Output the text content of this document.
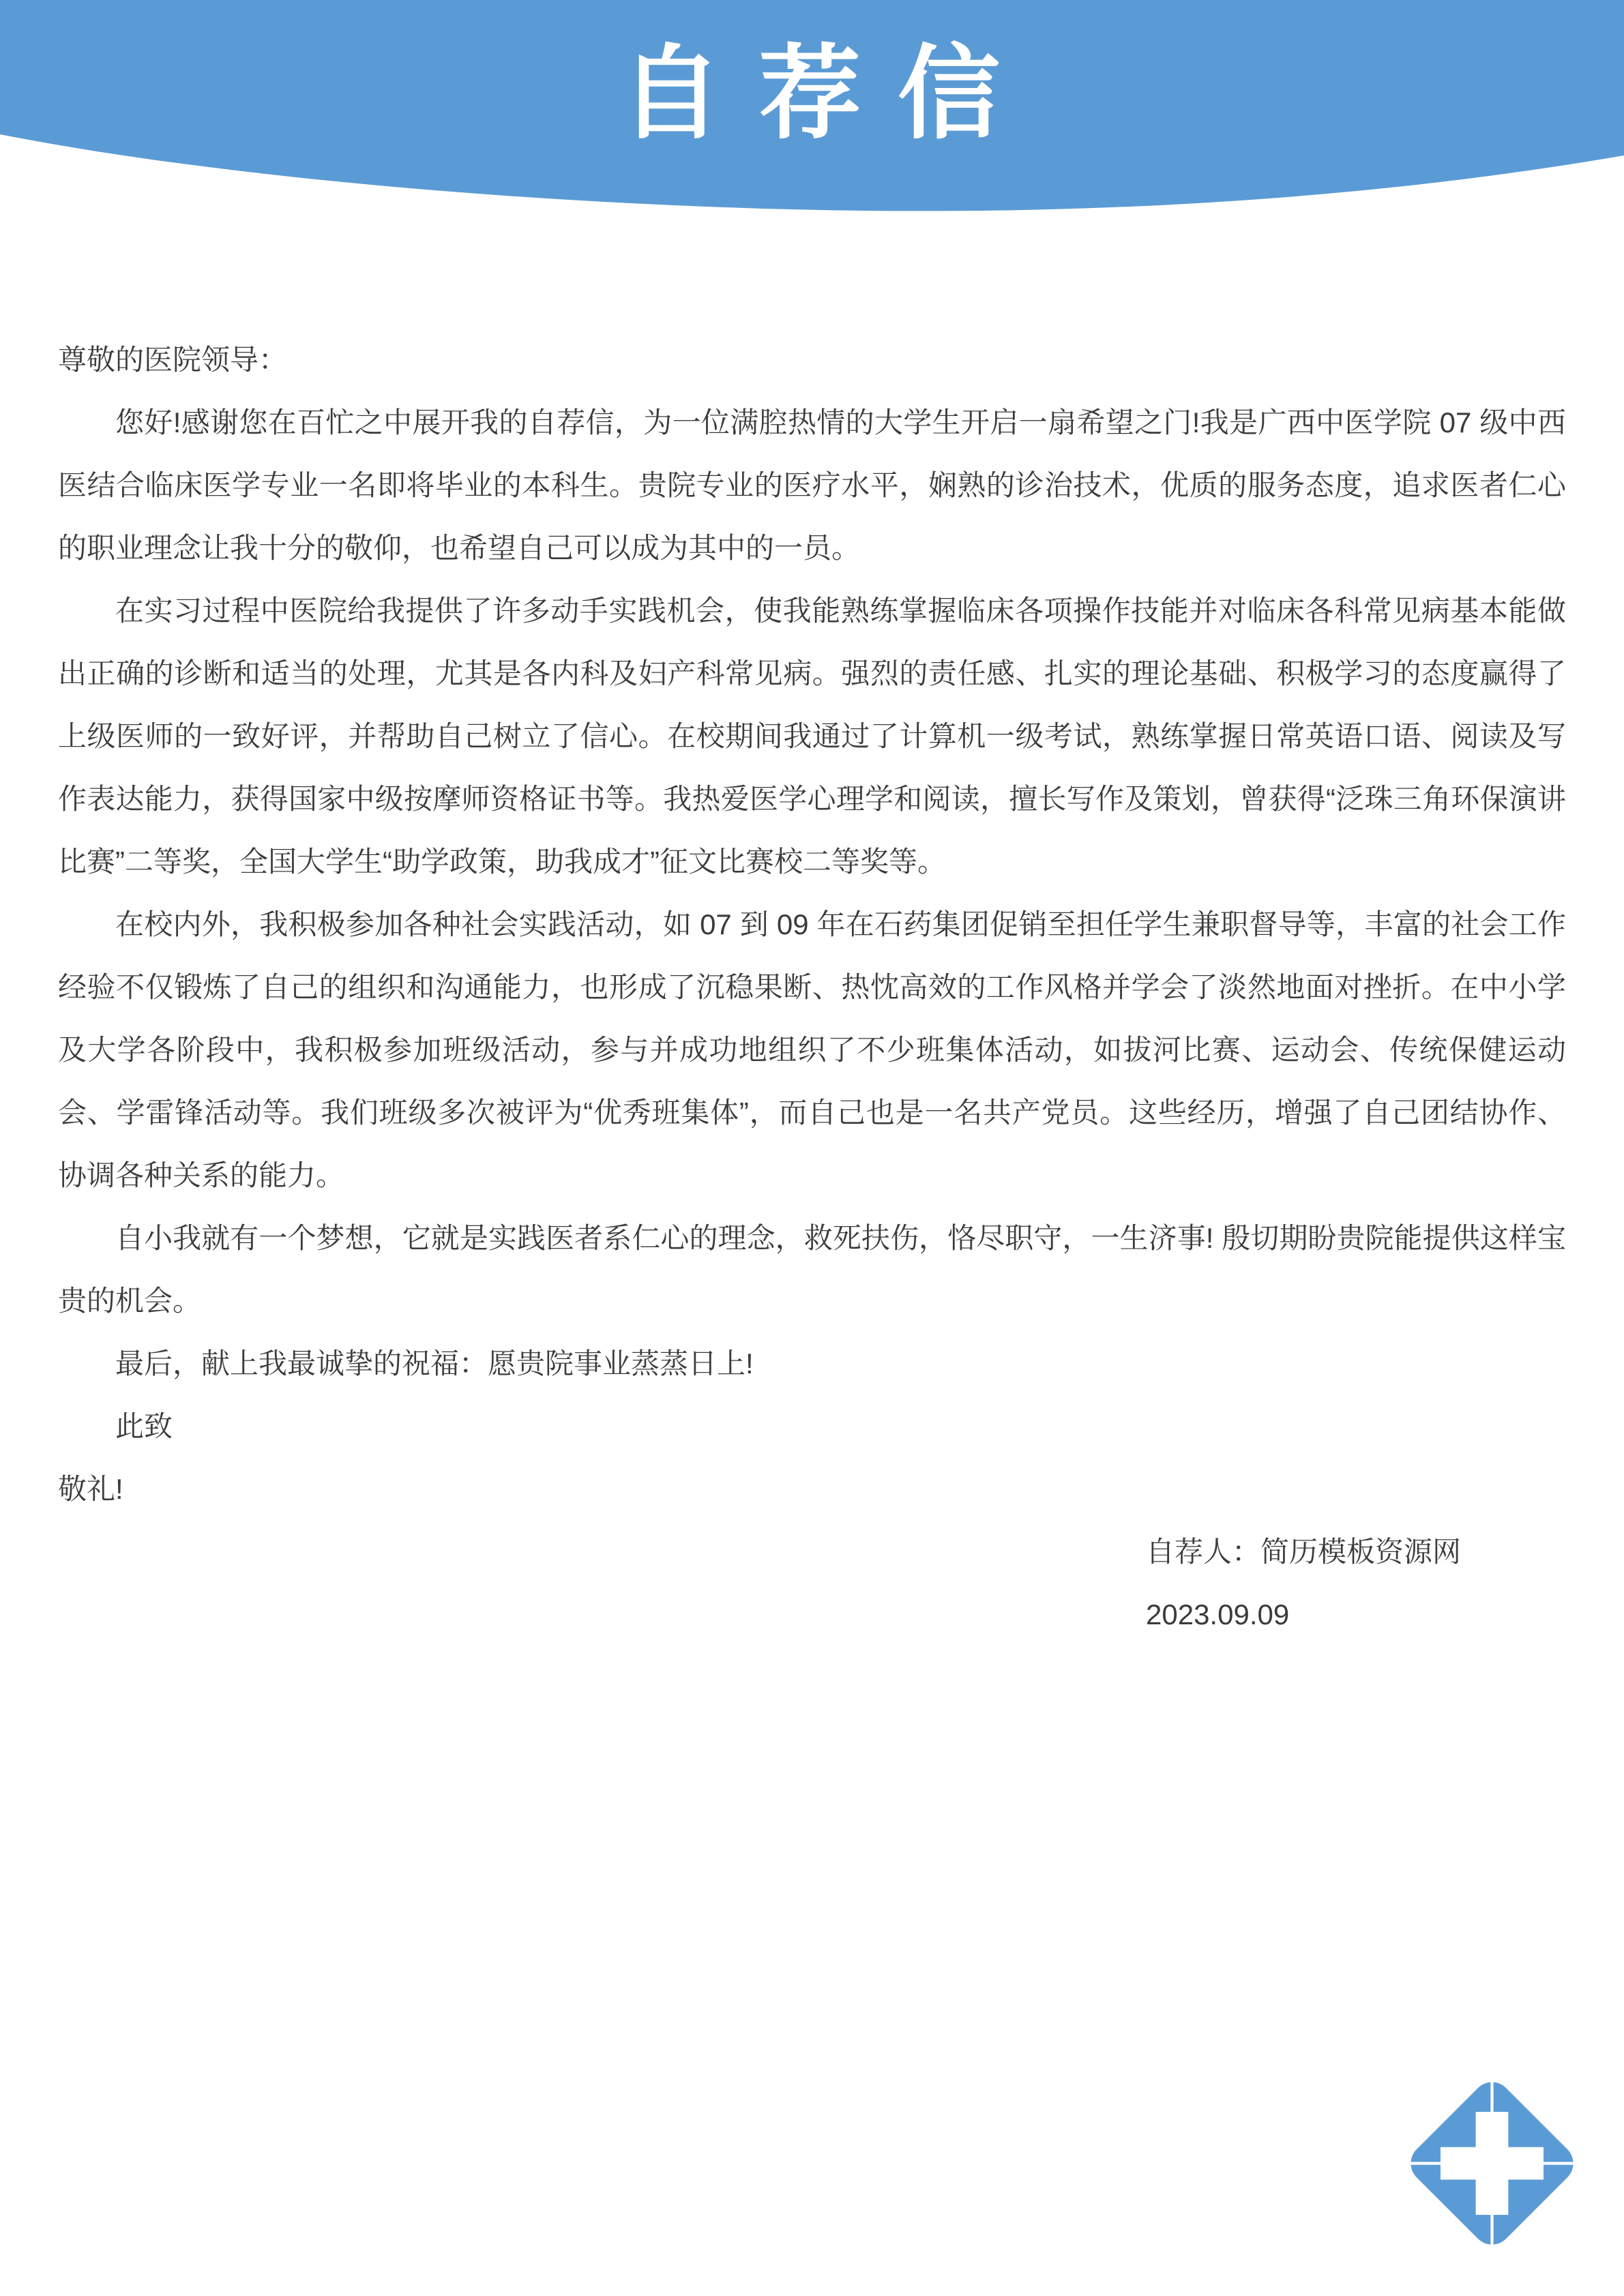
自 荐 信

尊敬的医院领导：

您好!感谢您在百忙之中展开我的自荐信，为一位满腔热情的大学生开启一扇希望之门!我是广西中医学院 07 级中西医结合临床医学专业一名即将毕业的本科生。贵院专业的医疗水平，娴熟的诊治技术，优质的服务态度，追求医者仁心的职业理念让我十分的敬仰，也希望自己可以成为其中的一员。

在实习过程中医院给我提供了许多动手实践机会，使我能熟练掌握临床各项操作技能并对临床各科常见病基本能做出正确的诊断和适当的处理，尤其是各内科及妇产科常见病。强烈的责任感、扎实的理论基础、积极学习的态度赢得了上级医师的一致好评，并帮助自己树立了信心。在校期间我通过了计算机一级考试，熟练掌握日常英语口语、阅读及写作表达能力，获得国家中级按摩师资格证书等。我热爱医学心理学和阅读，擅长写作及策划，曾获得“泛珠三角环保演讲比赛”二等奖，全国大学生“助学政策，助我成才”征文比赛校二等奖等。

在校内外，我积极参加各种社会实践活动，如 07 到 09 年在石药集团促销至担任学生兼职督导等，丰富的社会工作经验不仅锻炼了自己的组织和沟通能力，也形成了沉稳果断、热忱高效的工作风格并学会了淡然地面对挫折。在中小学及大学各阶段中，我积极参加班级活动，参与并成功地组织了不少班集体活动，如拔河比赛、运动会、传统保健运动会、学雷锋活动等。我们班级多次被评为“优秀班集体”，而自己也是一名共产党员。这些经历，增强了自己团结协作、协调各种关系的能力。

自小我就有一个梦想，它就是实践医者系仁心的理念，救死扶伤，恪尽职守，一生济事! 殷切期盼贵院能提供这样宝贵的机会。

最后，献上我最诚挚的祝福：愿贵院事业蒸蒸日上!

此致

敬礼!

自荐人：简历模板资源网

2023.09.09
